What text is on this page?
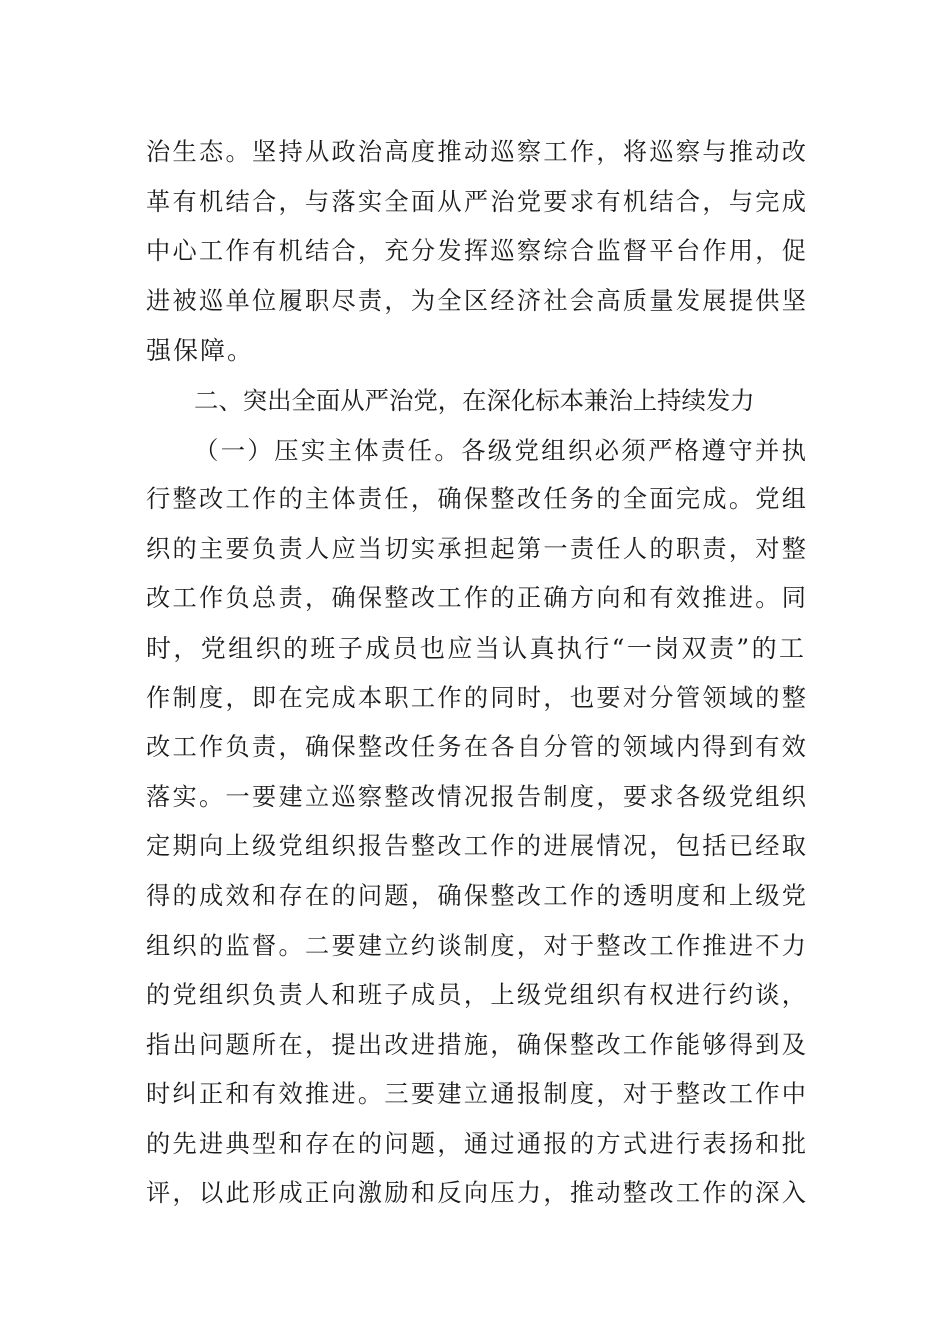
治生态。坚持从政治高度推动巡察工作，将巡察与推动改
革有机结合，与落实全面从严治党要求有机结合，与完成
中心工作有机结合，充分发挥巡察综合监督平台作用，促
进被巡单位履职尽责，为全区经济社会高质量发展提供坚
强保障。
二、突出全面从严治党，在深化标本兼治上持续发力
（一）压实主体责任。各级党组织必须严格遵守并执
行整改工作的主体责任，确保整改任务的全面完成。党组
织的主要负责人应当切实承担起第一责任人的职责，对整
改工作负总责，确保整改工作的正确方向和有效推进。同
时，党组织的班子成员也应当认真执行“一岗双责”的工
作制度，即在完成本职工作的同时，也要对分管领域的整
改工作负责，确保整改任务在各自分管的领域内得到有效
落实。一要建立巡察整改情况报告制度，要求各级党组织
定期向上级党组织报告整改工作的进展情况，包括已经取
得的成效和存在的问题，确保整改工作的透明度和上级党
组织的监督。二要建立约谈制度，对于整改工作推进不力
的党组织负责人和班子成员，上级党组织有权进行约谈，
指出问题所在，提出改进措施，确保整改工作能够得到及
时纠正和有效推进。三要建立通报制度，对于整改工作中
的先进典型和存在的问题，通过通报的方式进行表扬和批
评，以此形成正向激励和反向压力，推动整改工作的深入
